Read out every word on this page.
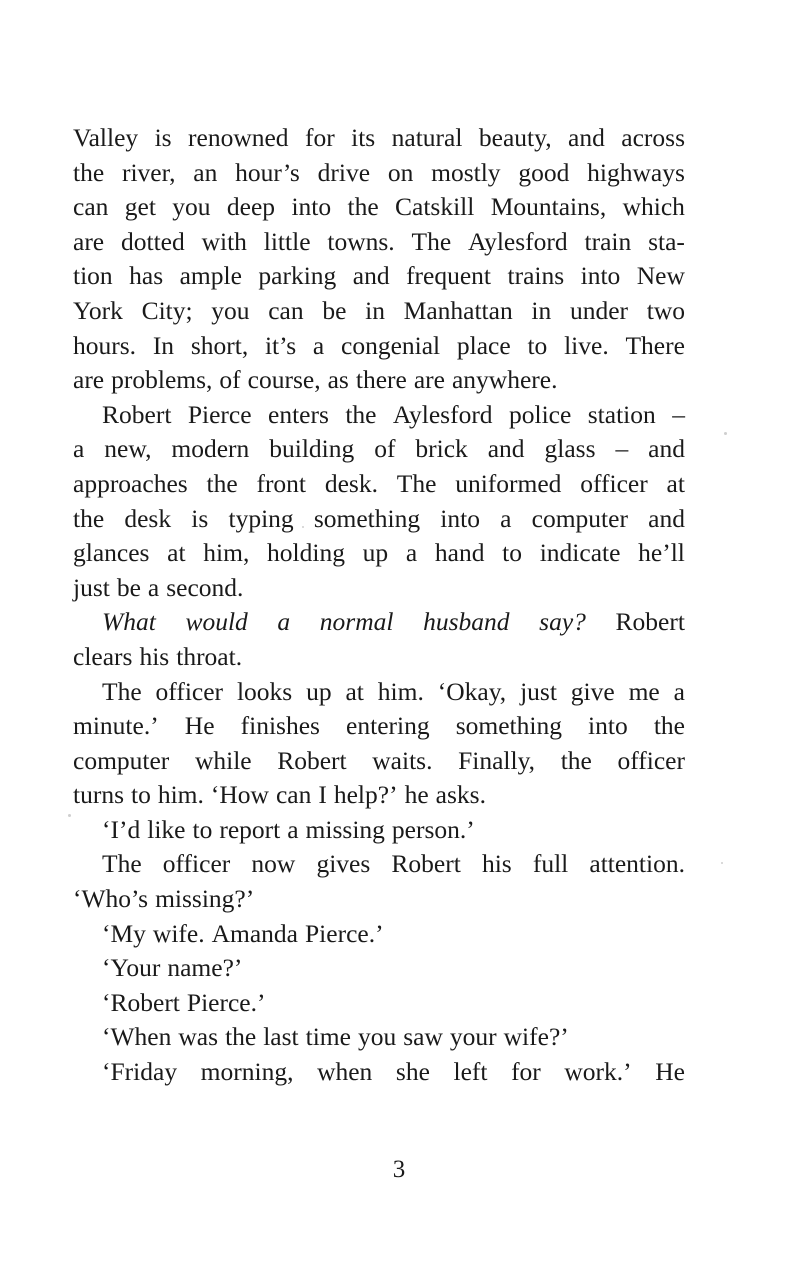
Valley is renowned for its natural beauty, and across
the river, an hour’s drive on mostly good highways
can get you deep into the Catskill Mountains, which
are dotted with little towns. The Aylesford train sta-
tion has ample parking and frequent trains into New
York City; you can be in Manhattan in under two
hours. In short, it’s a congenial place to live. There
are problems, of course, as there are anywhere.
Robert Pierce enters the Aylesford police station –
a new, modern building of brick and glass – and
approaches the front desk. The uniformed officer at
the desk is typing something into a computer and
glances at him, holding up a hand to indicate he’ll
just be a second.
What would a normal husband say? Robert
clears his throat.
The officer looks up at him. ‘Okay, just give me a
minute.’ He finishes entering something into the
computer while Robert waits. Finally, the officer
turns to him. ‘How can I help?’ he asks.
‘I’d like to report a missing person.’
The officer now gives Robert his full attention.
‘Who’s missing?’
‘My wife. Amanda Pierce.’
‘Your name?’
‘Robert Pierce.’
‘When was the last time you saw your wife?’
‘Friday morning, when she left for work.’ He
3
